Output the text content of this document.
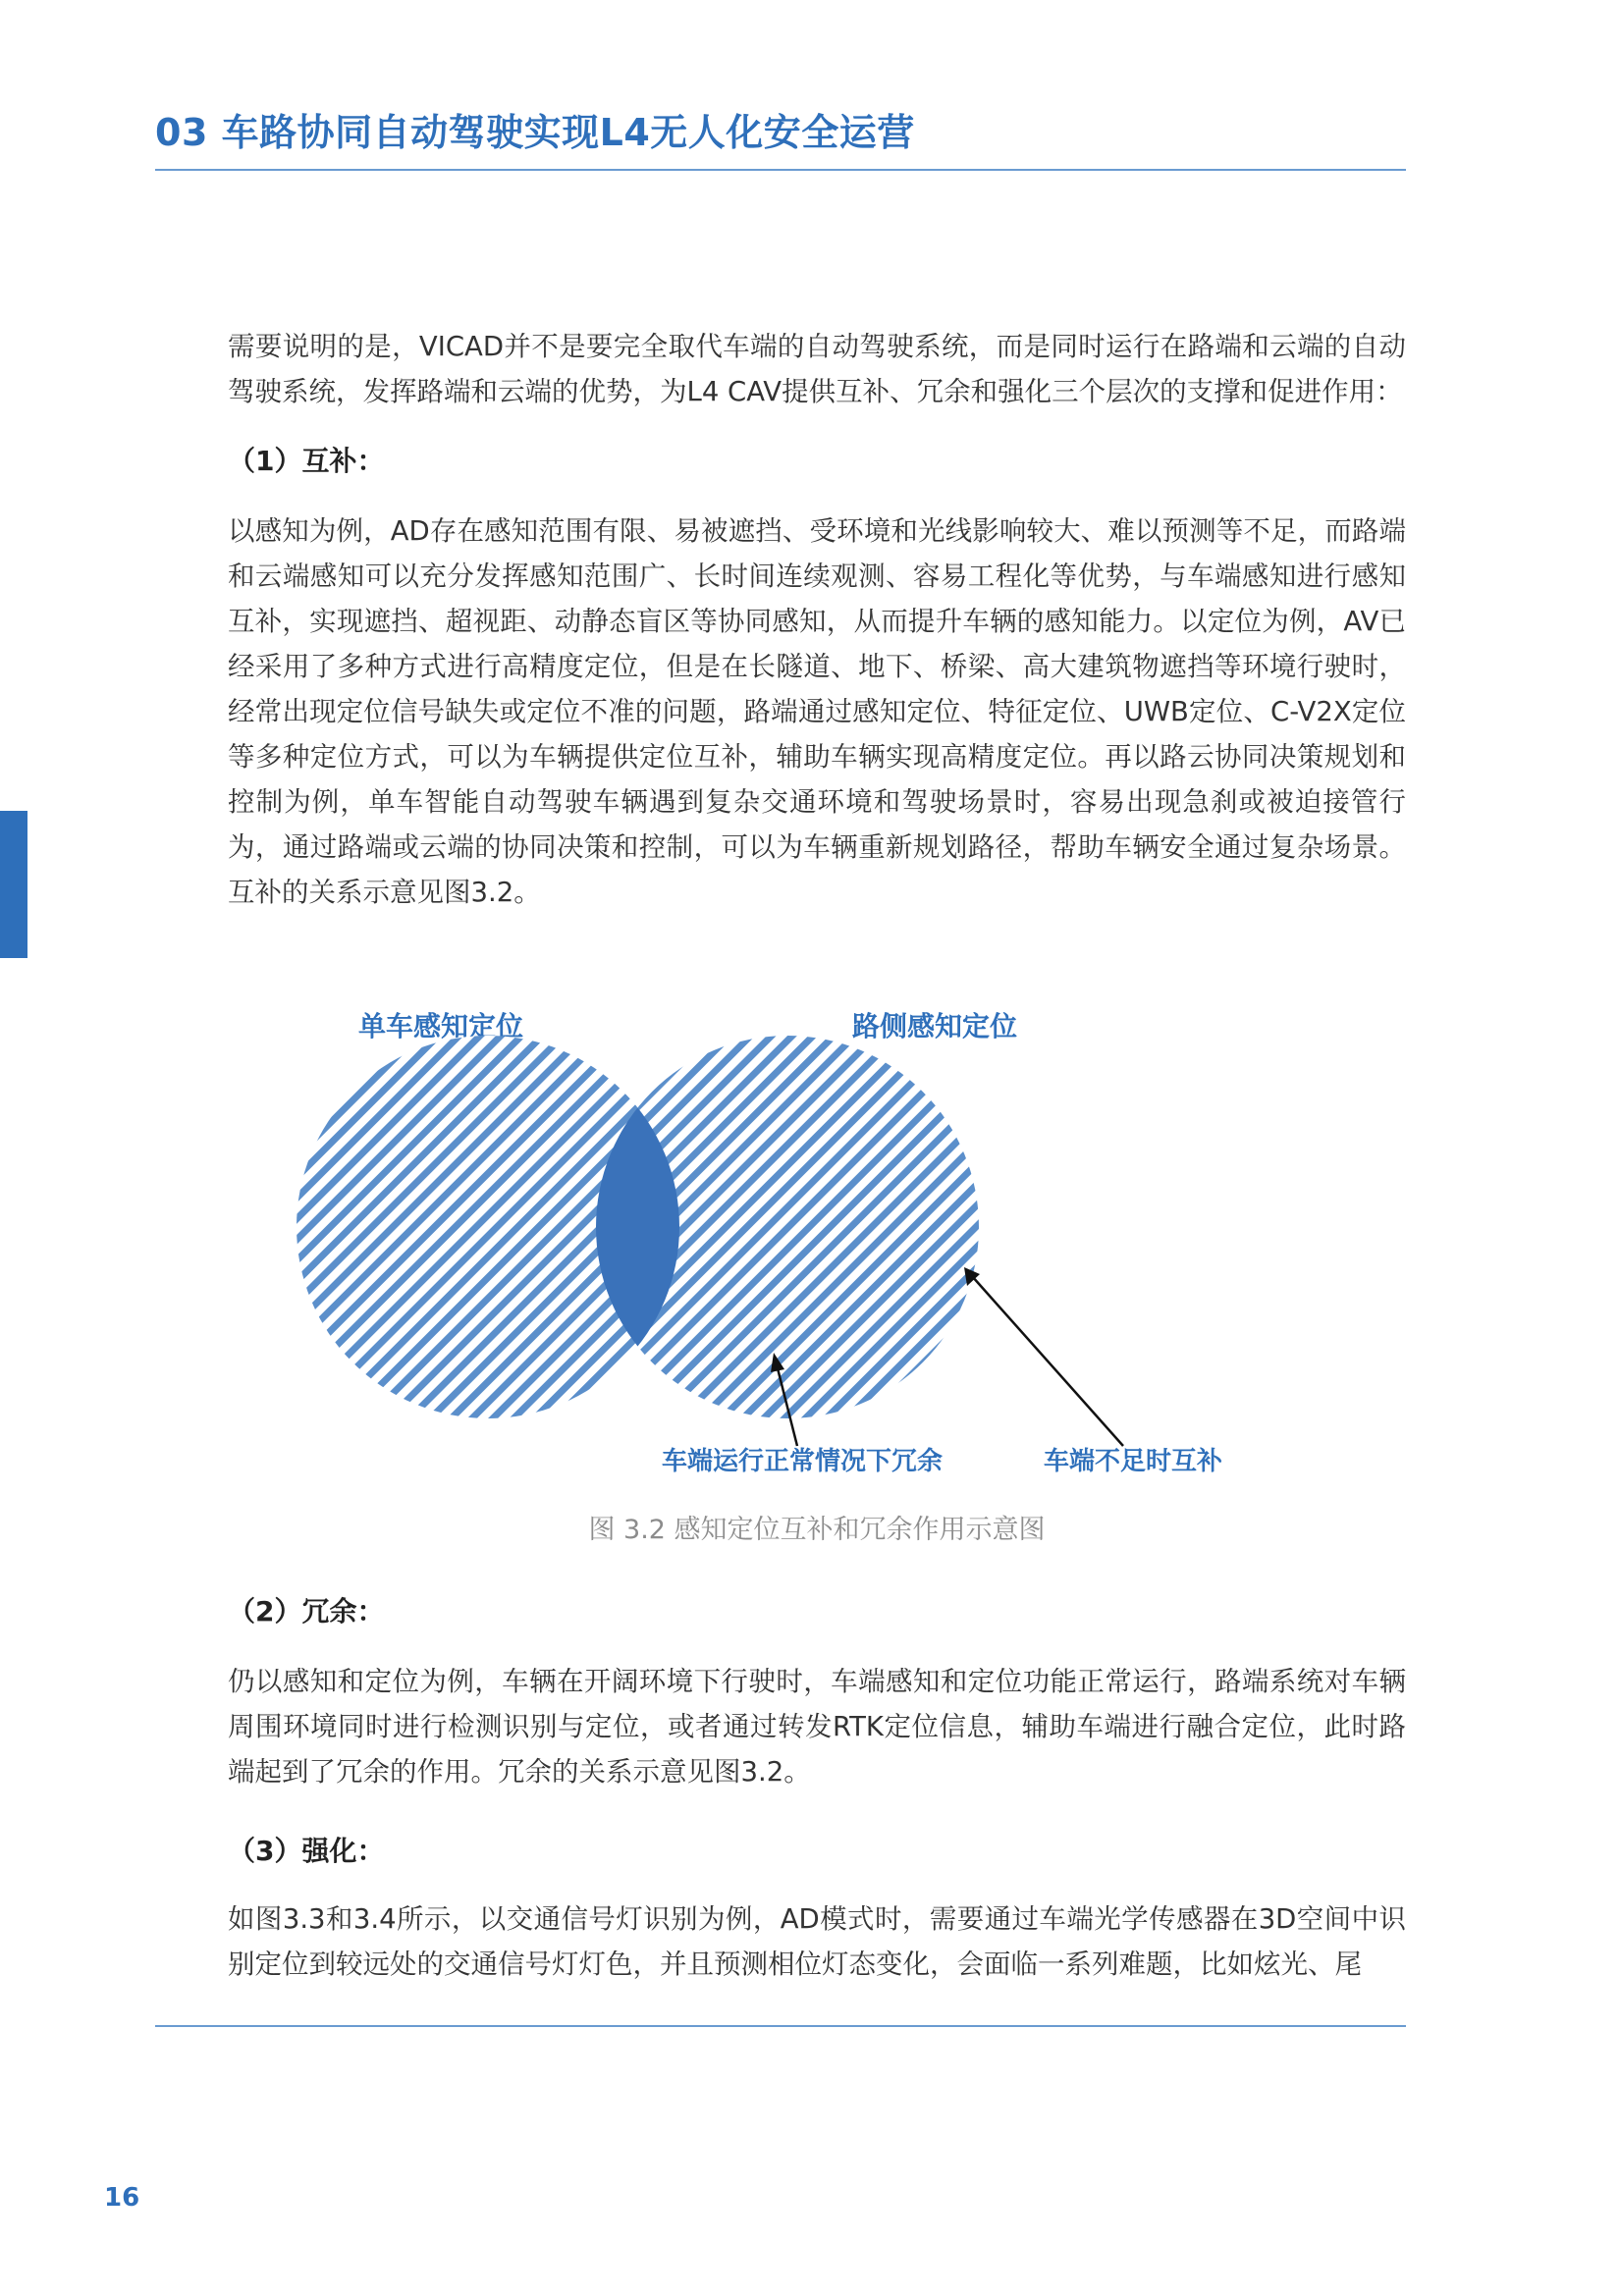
03 车路协同自动驾驶实现L4无人化安全运营

需要说明的是，VICAD并不是要完全取代车端的自动驾驶系统，而是同时运行在路端和云端的自动驾驶系统，发挥路端和云端的优势，为L4 CAV提供互补、冗余和强化三个层次的支撑和促进作用：

（1）互补：

以感知为例，AD存在感知范围有限、易被遮挡、受环境和光线影响较大、难以预测等不足，而路端和云端感知可以充分发挥感知范围广、长时间连续观测、容易工程化等优势，与车端感知进行感知互补，实现遮挡、超视距、动静态盲区等协同感知，从而提升车辆的感知能力。以定位为例，AV已经采用了多种方式进行高精度定位，但是在长隧道、地下、桥梁、高大建筑物遮挡等环境行驶时，经常出现定位信号缺失或定位不准的问题，路端通过感知定位、特征定位、UWB定位、C-V2X定位等多种定位方式，可以为车辆提供定位互补，辅助车辆实现高精度定位。再以路云协同决策规划和控制为例，单车智能自动驾驶车辆遇到复杂交通环境和驾驶场景时，容易出现急刹或被迫接管行为，通过路端或云端的协同决策和控制，可以为车辆重新规划路径，帮助车辆安全通过复杂场景。互补的关系示意见图3.2。

单车感知定位	路侧感知定位
车端运行正常情况下冗余	车端不足时互补

图 3.2 感知定位互补和冗余作用示意图

（2）冗余：

仍以感知和定位为例，车辆在开阔环境下行驶时，车端感知和定位功能正常运行，路端系统对车辆周围环境同时进行检测识别与定位，或者通过转发RTK定位信息，辅助车端进行融合定位，此时路端起到了冗余的作用。冗余的关系示意见图3.2。

（3）强化：

如图3.3和3.4所示，以交通信号灯识别为例，AD模式时，需要通过车端光学传感器在3D空间中识别定位到较远处的交通信号灯灯色，并且预测相位灯态变化，会面临一系列难题，比如炫光、尾

16
